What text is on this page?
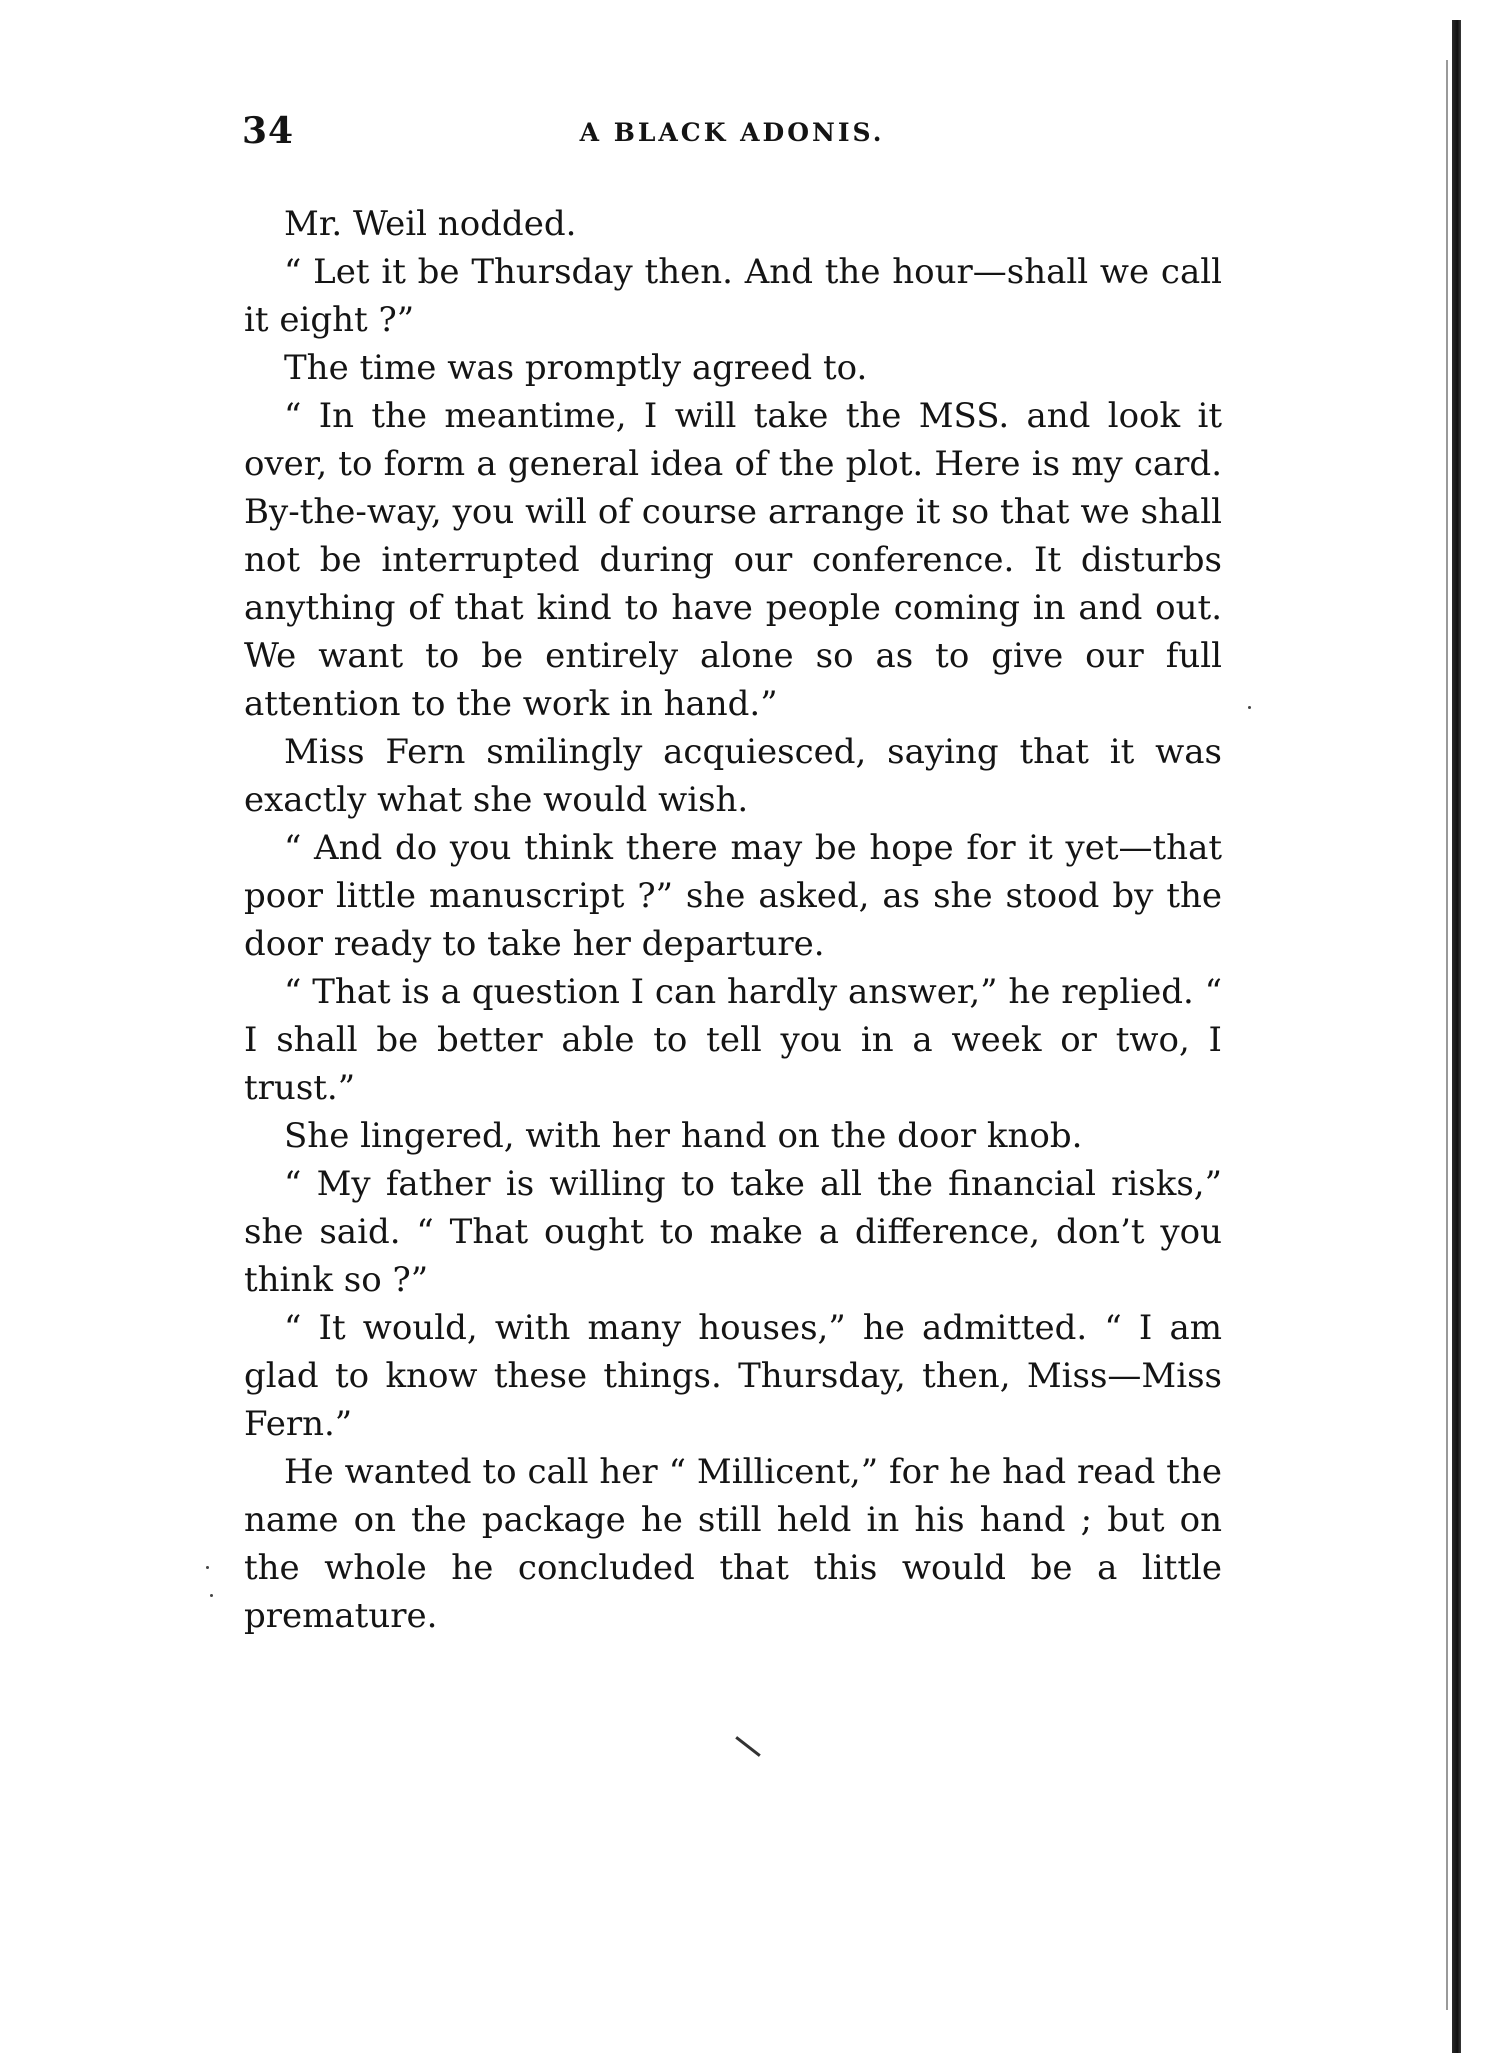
34	A BLACK ADONIS.

Mr. Weil nodded.

“ Let it be Thursday then. And the hour—shall we call it eight ?”

The time was promptly agreed to.

“ In the meantime, I will take the MSS. and look it over, to form a general idea of the plot. Here is my card. By-the-way, you will of course arrange it so that we shall not be interrupted during our conference. It disturbs anything of that kind to have people coming in and out. We want to be entirely alone so as to give our full attention to the work in hand.”

Miss Fern smilingly acquiesced, saying that it was exactly what she would wish.

“ And do you think there may be hope for it yet—that poor little manuscript ?” she asked, as she stood by the door ready to take her departure.

“ That is a question I can hardly answer,” he replied. “ I shall be better able to tell you in a week or two, I trust.”

She lingered, with her hand on the door knob.

“ My father is willing to take all the financial risks,” she said. “ That ought to make a difference, don’t you think so ?”

“ It would, with many houses,” he admitted. “ I am glad to know these things. Thursday, then, Miss—Miss Fern.”

He wanted to call her “ Millicent,” for he had read the name on the package he still held in his hand ; but on the whole he concluded that this would be a little premature.
